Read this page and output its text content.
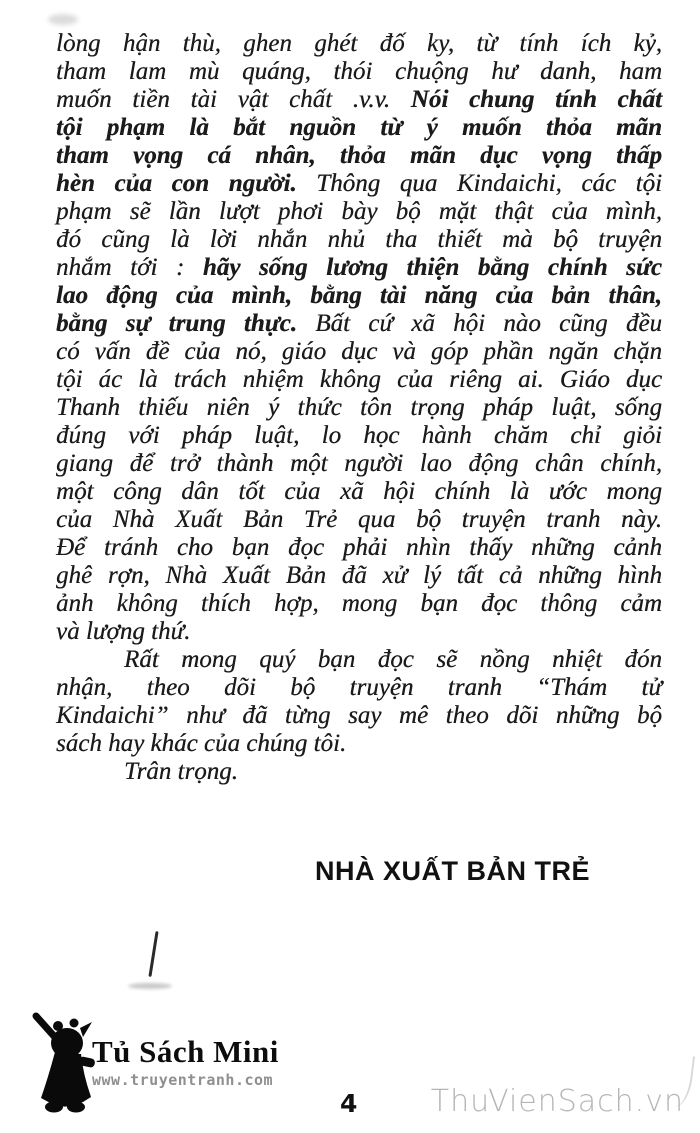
lòng hận thù, ghen ghét đố ky, từ tính ích kỷ,
tham lam mù quáng, thói chuộng hư danh, ham
muốn tiền tài vật chất .v.v. Nói chung tính chất
tội phạm là bắt nguồn từ ý muốn thỏa mãn
tham vọng cá nhân, thỏa mãn dục vọng thấp
hèn của con người. Thông qua Kindaichi, các tội
phạm sẽ lần lượt phơi bày bộ mặt thật của mình,
đó cũng là lời nhắn nhủ tha thiết mà bộ truyện
nhắm tới : hãy sống lương thiện bằng chính sức
lao động của mình, bằng tài năng của bản thân,
bằng sự trung thực. Bất cứ xã hội nào cũng đều
có vấn đề của nó, giáo dục và góp phần ngăn chặn
tội ác là trách nhiệm không của riêng ai. Giáo dục
Thanh thiếu niên ý thức tôn trọng pháp luật, sống
đúng với pháp luật, lo học hành chăm chỉ giỏi
giang để trở thành một người lao động chân chính,
một công dân tốt của xã hội chính là ước mong
của Nhà Xuất Bản Trẻ qua bộ truyện tranh này.
Để tránh cho bạn đọc phải nhìn thấy những cảnh
ghê rợn, Nhà Xuất Bản đã xử lý tất cả những hình
ảnh không thích hợp, mong bạn đọc thông cảm
và lượng thứ.
Rất mong quý bạn đọc sẽ nồng nhiệt đón
nhận, theo dõi bộ truyện tranh “Thám tử
Kindaichi” như đã từng say mê theo dõi những bộ
sách hay khác của chúng tôi.
Trân trọng.
NHÀ XUẤT BẢN TRẺ
Tủ Sách Mini
www.truyentranh.com
4 ThuVienSach.vn
